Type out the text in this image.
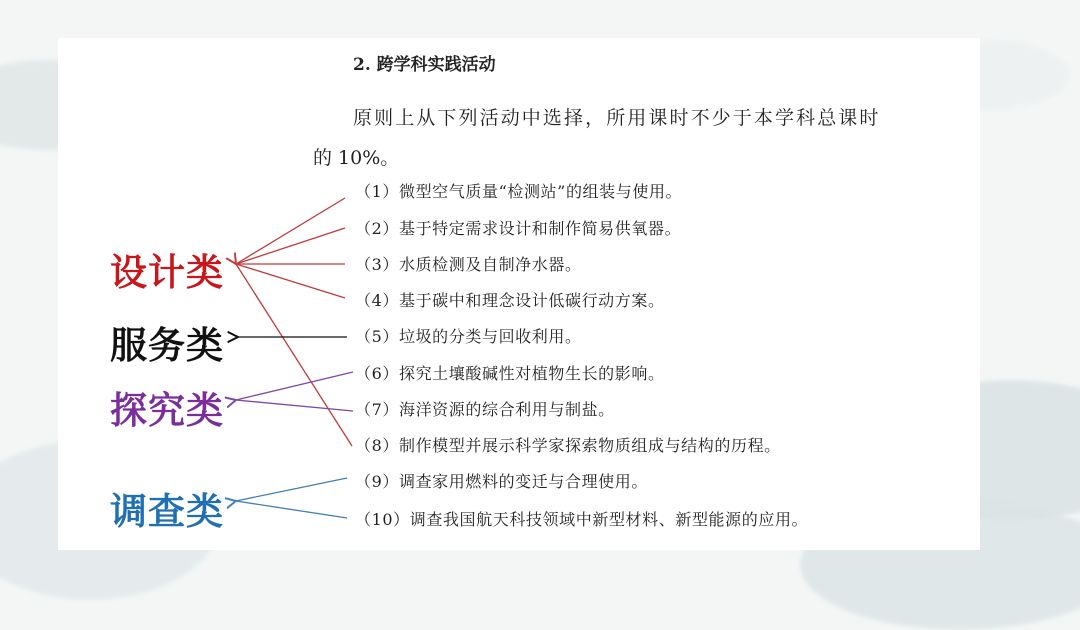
2. 跨学科实践活动
原则上从下列活动中选择，所用课时不少于本学科总课时
的 10%。
（1）微型空气质量“检测站”的组装与使用。
（2）基于特定需求设计和制作简易供氧器。
（3）水质检测及自制净水器。
（4）基于碳中和理念设计低碳行动方案。
（5）垃圾的分类与回收利用。
（6）探究土壤酸碱性对植物生长的影响。
（7）海洋资源的综合利用与制盐。
（8）制作模型并展示科学家探索物质组成与结构的历程。
（9）调查家用燃料的变迁与合理使用。
（10）调查我国航天科技领域中新型材料、新型能源的应用。
设计类
服务类
探究类
调查类
